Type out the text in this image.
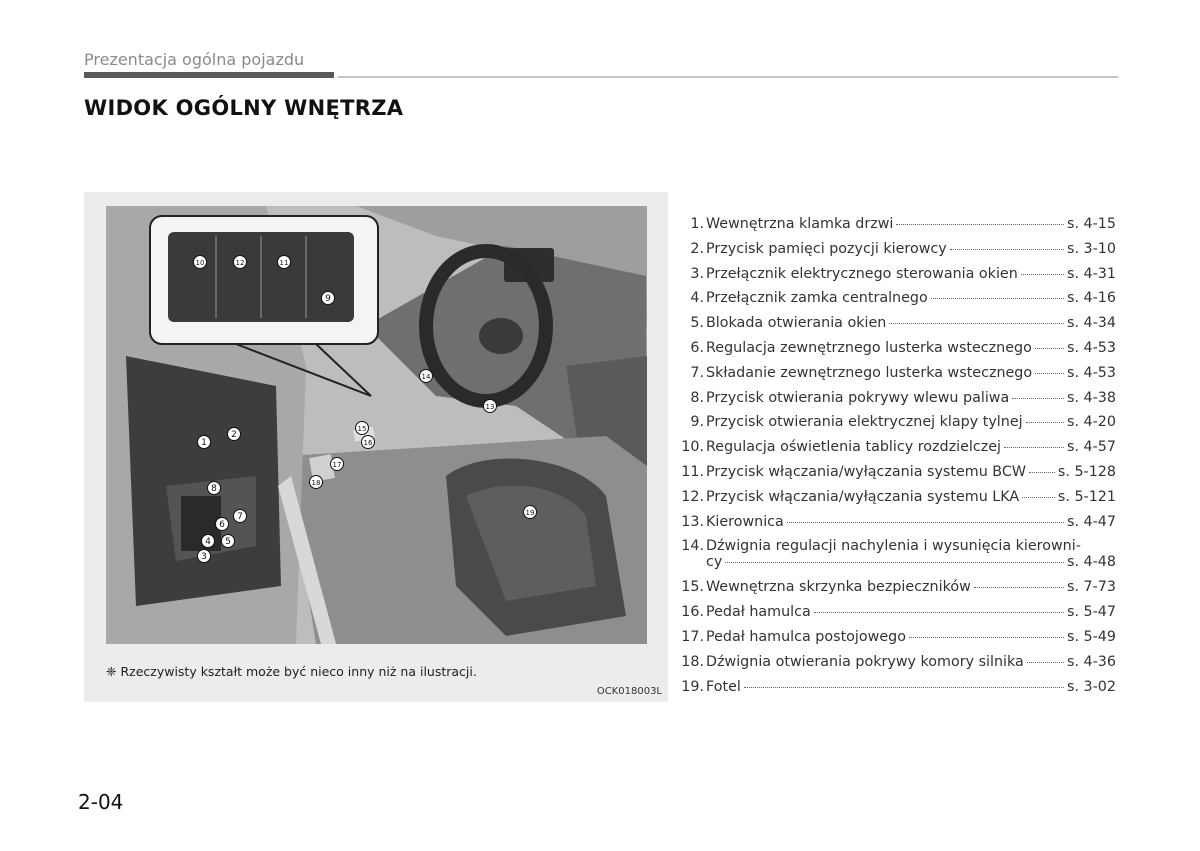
Prezentacja ogólna pojazdu
WIDOK OGÓLNY WNĘTRZA
1
2
3
4 5
6
7
8
9
10	11
12
13
14
15
16
17
18
19
❈ Rzeczywisty kształt może być nieco inny niż na ilustracji.
OCK018003L
1. Wewnętrzna klamka drzwi	s. 4-15
2. Przycisk pamięci pozycji kierowcy	s. 3-10
3. Przełącznik elektrycznego sterowania okien	s. 4-31
4. Przełącznik zamka centralnego	s. 4-16
5. Blokada otwierania okien	s. 4-34
6. Regulacja zewnętrznego lusterka wstecznego s. 4-53
7. Składanie zewnętrznego lusterka wstecznego s. 4-53
8. Przycisk otwierania pokrywy wlewu paliwa	s. 4-38
9. Przycisk otwierania elektrycznej klapy tylnej	s. 4-20
10. Regulacja oświetlenia tablicy rozdzielczej	s. 4-57
11. Przycisk włączania/wyłączania systemu BCW s. 5-128
12. Przycisk włączania/wyłączania systemu LKA	s. 5-121
13. Kierownica	s. 4-47
14. Dźwignia regulacji nachylenia i wysunięcia kierowni-
cy	s. 4-48
15. Wewnętrzna skrzynka bezpieczników	s. 7-73
16. Pedał hamulca	s. 5-47
17. Pedał hamulca postojowego	s. 5-49
18. Dźwignia otwierania pokrywy komory silnika	s. 4-36
19. Fotel	s. 3-02
2-04
